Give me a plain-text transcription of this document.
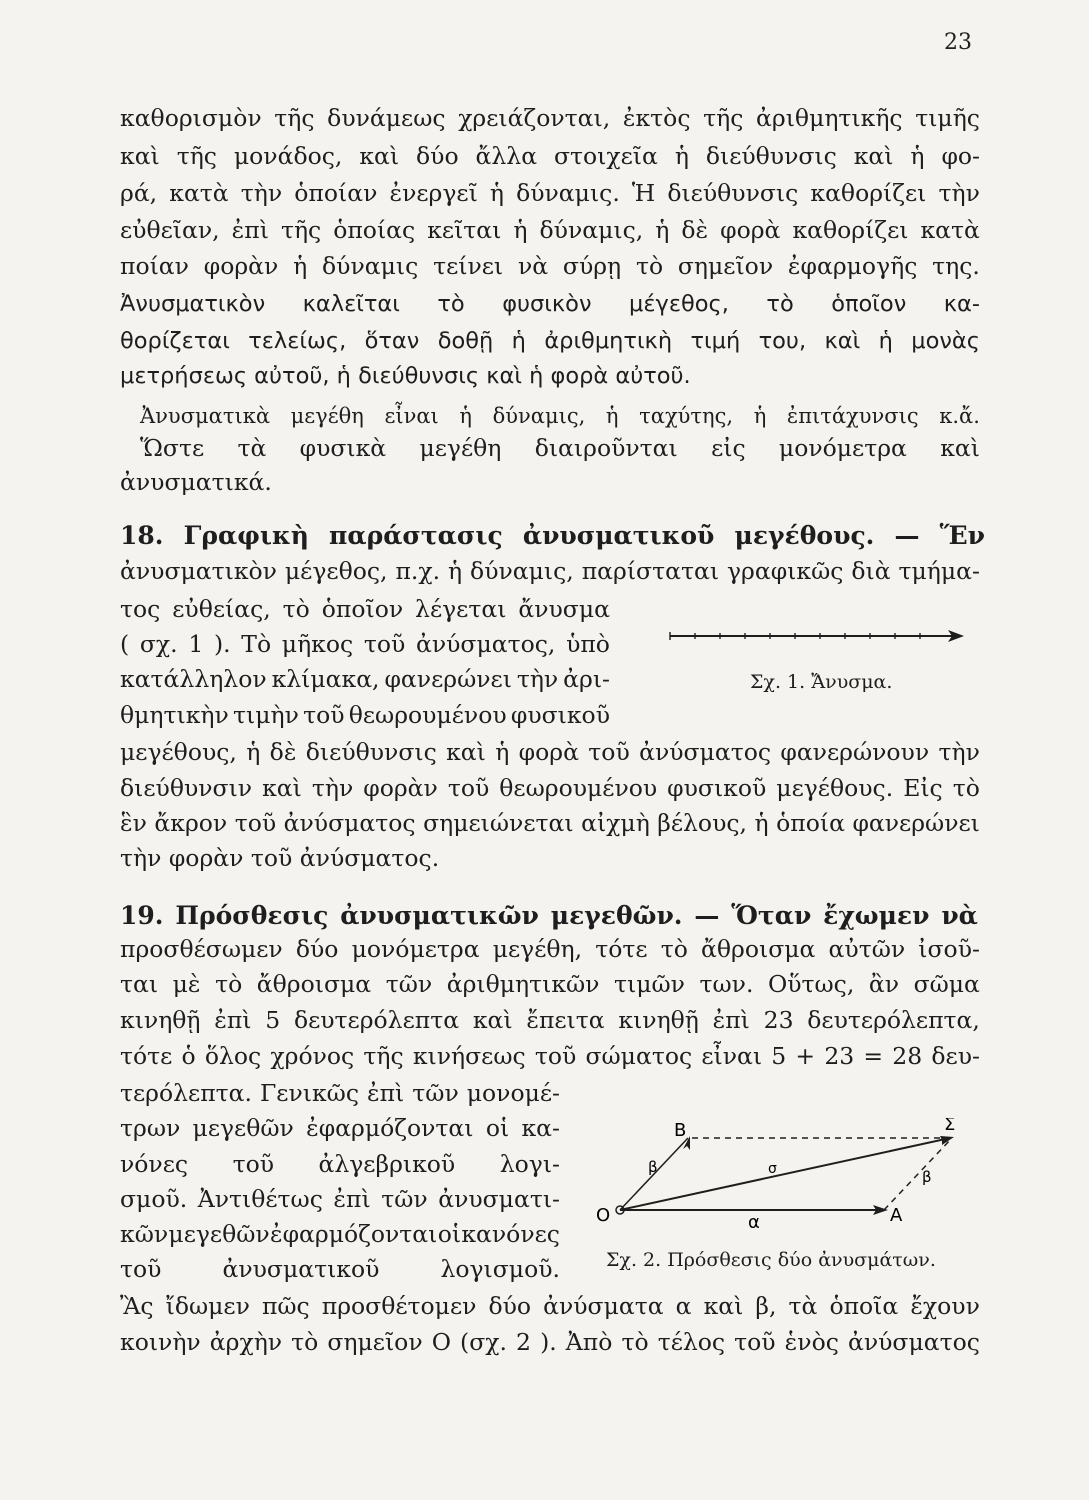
23
καθορισμὸν τῆς δυνάμεως χρειάζονται, ἐκτὸς τῆς ἀριθμητικῆς τιμῆς
καὶ τῆς μονάδος, καὶ δύο ἄλλα στοιχεῖα ἡ διεύθυνσις καὶ ἡ φο-
ρά, κατὰ τὴν ὁποίαν ἐνεργεῖ ἡ δύναμις. Ἡ διεύθυνσις καθορίζει τὴν
εὐθεῖαν, ἐπὶ τῆς ὁποίας κεῖται ἡ δύναμις, ἡ δὲ φορὰ καθορίζει κατὰ
ποίαν φορὰν ἡ δύναμις τείνει νὰ σύρῃ τὸ σημεῖον ἐφαρμογῆς της.
Ἀνυσματικὸν καλεῖται τὸ φυσικὸν μέγεθος, τὸ ὁποῖον κα-
θορίζεται τελείως, ὅταν δοθῇ ἡ ἀριθμητικὴ τιμή του, καὶ ἡ μονὰς
μετρήσεως αὐτοῦ, ἡ διεύθυνσις καὶ ἡ φορὰ αὐτοῦ.
Ἀνυσματικὰ μεγέθη εἶναι ἡ δύναμις, ἡ ταχύτης, ἡ ἐπιτάχυνσις κ.ἄ.
Ὥστε τὰ φυσικὰ μεγέθη διαιροῦνται εἰς μονόμετρα καὶ
ἀνυσματικά.
18. Γραφικὴ παράστασις ἀνυσματικοῦ μεγέθους. — Ἕν
ἀνυσματικὸν μέγεθος, π.χ. ἡ δύναμις, παρίσταται γραφικῶς διὰ τμήμα-
τος εὐθείας, τὸ ὁποῖον λέγεται ἄνυσμα
( σχ. 1 ). Τὸ μῆκος τοῦ ἀνύσματος, ὑπὸ
κατάλληλον κλίμακα, φανερώνει τὴν ἀρι-
θμητικὴν τιμὴν τοῦ θεωρουμένου φυσικοῦ
Σχ. 1. Ἄνυσμα.
μεγέθους, ἡ δὲ διεύθυνσις καὶ ἡ φορὰ τοῦ ἀνύσματος φανερώνουν τὴν
διεύθυνσιν καὶ τὴν φορὰν τοῦ θεωρουμένου φυσικοῦ μεγέθους. Εἰς τὸ
ἓν ἄκρον τοῦ ἀνύσματος σημειώνεται αἰχμὴ βέλους, ἡ ὁποία φανερώνει
τὴν φορὰν τοῦ ἀνύσματος.
19. Πρόσθεσις ἀνυσματικῶν μεγεθῶν. — Ὅταν ἔχωμεν νὰ
προσθέσωμεν δύο μονόμετρα μεγέθη, τότε τὸ ἄθροισμα αὐτῶν ἰσοῦ-
ται μὲ τὸ ἄθροισμα τῶν ἀριθμητικῶν τιμῶν των. Οὕτως, ἂν σῶμα
κινηθῇ ἐπὶ 5 δευτερόλεπτα καὶ ἔπειτα κινηθῇ ἐπὶ 23 δευτερόλεπτα,
τότε ὁ ὅλος χρόνος τῆς κινήσεως τοῦ σώματος εἶναι 5 + 23 = 28 δευ-
τερόλεπτα. Γενικῶς ἐπὶ τῶν μονομέ-
τρων μεγεθῶν ἐφαρμόζονται οἱ κα-
νόνες τοῦ ἀλγεβρικοῦ λογι-
σμοῦ. Ἀντιθέτως ἐπὶ τῶν ἀνυσματι-
κῶν μεγεθῶν ἐφαρμόζονται οἱ κανόνες
τοῦ	ἀνυσματικοῦ	λογισμοῦ.
O	A
B	Σ
α
β
β
σ
Σχ. 2. Πρόσθεσις δύο ἀνυσμάτων.
Ἂς ἴδωμεν πῶς προσθέτομεν δύο ἀνύσματα α καὶ β, τὰ ὁποῖα ἔχουν
κοινὴν ἀρχὴν τὸ σημεῖον Ο (σχ. 2 ). Ἀπὸ τὸ τέλος τοῦ ἑνὸς ἀνύσματος
